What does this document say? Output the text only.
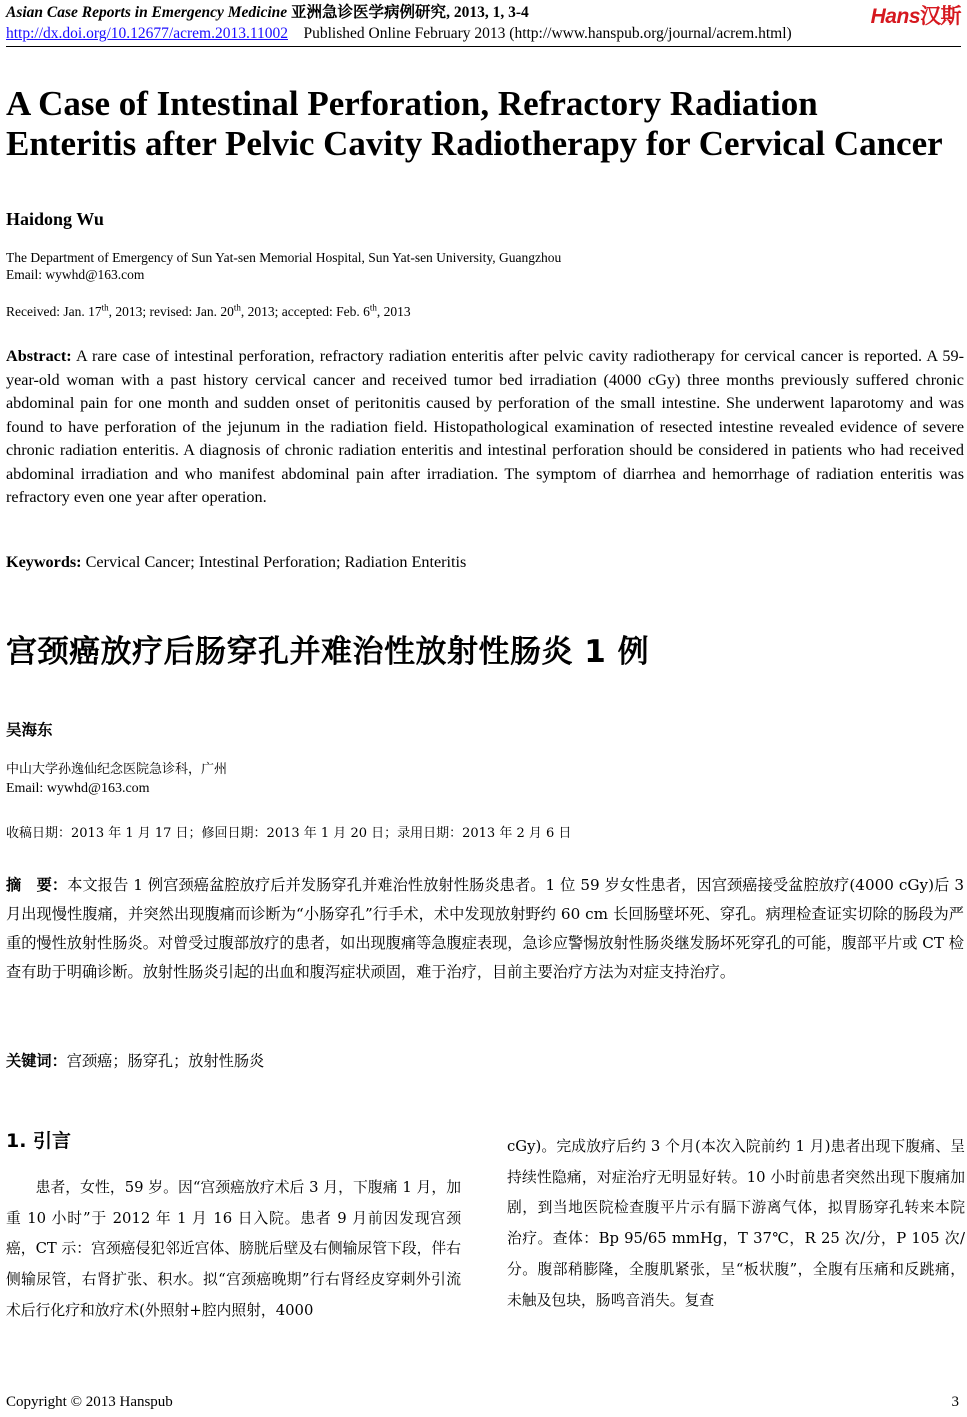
Asian Case Reports in Emergency Medicine 亚洲急诊医学病例研究, 2013, 1, 3-4
http://dx.doi.org/10.12677/acrem.2013.11002 Published Online February 2013 (http://www.hanspub.org/journal/acrem.html)
Hans汉斯
A Case of Intestinal Perforation, Refractory Radiation
Enteritis after Pelvic Cavity Radiotherapy for Cervical Cancer
Haidong Wu
The Department of Emergency of Sun Yat-sen Memorial Hospital, Sun Yat-sen University, Guangzhou
Email: wywhd@163.com
Received: Jan. 17th, 2013; revised: Jan. 20th, 2013; accepted: Feb. 6th, 2013
Abstract: A rare case of intestinal perforation, refractory radiation enteritis after pelvic cavity radiotherapy for cervical cancer is reported. A 59-year-old woman with a past history cervical cancer and received tumor bed irradiation (4000 cGy) three months previously suffered chronic abdominal pain for one month and sudden onset of peritonitis caused by perforation of the small intestine. She underwent laparotomy and was found to have perforation of the jejunum in the radiation field. Histopathological examination of resected intestine revealed evidence of severe chronic radiation enteritis. A diagnosis of chronic radiation enteritis and intestinal perforation should be considered in patients who had received abdominal irradiation and who manifest abdominal pain after irradiation. The symptom of diarrhea and hemorrhage of radiation enteritis was refractory even one year after operation.
Keywords: Cervical Cancer; Intestinal Perforation; Radiation Enteritis
宫颈癌放疗后肠穿孔并难治性放射性肠炎 1 例
吴海东
中山大学孙逸仙纪念医院急诊科，广州
Email: wywhd@163.com
收稿日期：2013 年 1 月 17 日；修回日期：2013 年 1 月 20 日；录用日期：2013 年 2 月 6 日
摘　要：本文报告 1 例宫颈癌盆腔放疗后并发肠穿孔并难治性放射性肠炎患者。1 位 59 岁女性患者，因宫颈癌接受盆腔放疗(4000 cGy)后 3 月出现慢性腹痛，并突然出现腹痛而诊断为“小肠穿孔”行手术，术中发现放射野约 60 cm 长回肠壁坏死、穿孔。病理检查证实切除的肠段为严重的慢性放射性肠炎。对曾受过腹部放疗的患者，如出现腹痛等急腹症表现，急诊应警惕放射性肠炎继发肠坏死穿孔的可能，腹部平片或 CT 检查有助于明确诊断。放射性肠炎引起的出血和腹泻症状顽固，难于治疗，目前主要治疗方法为对症支持治疗。
关键词：宫颈癌；肠穿孔；放射性肠炎
1. 引言
患者，女性，59 岁。因“宫颈癌放疗术后 3 月，下腹痛 1 月，加重 10 小时”于 2012 年 1 月 16 日入院。患者 9 月前因发现宫颈癌，CT 示：宫颈癌侵犯邻近宫体、膀胱后壁及右侧输尿管下段，伴右侧输尿管，右肾扩张、积水。拟“宫颈癌晚期”行右肾经皮穿刺外引流术后行化疗和放疗术(外照射+腔内照射，4000
cGy)。完成放疗后约 3 个月(本次入院前约 1 月)患者出现下腹痛、呈持续性隐痛，对症治疗无明显好转。10 小时前患者突然出现下腹痛加剧，到当地医院检查腹平片示有膈下游离气体，拟胃肠穿孔转来本院治疗。查体：Bp 95/65 mmHg，T 37℃，R 25 次/分，P 105 次/分。腹部稍膨隆，全腹肌紧张，呈“板状腹”，全腹有压痛和反跳痛，未触及包块，肠鸣音消失。复查
Copyright © 2013 Hanspub	3
